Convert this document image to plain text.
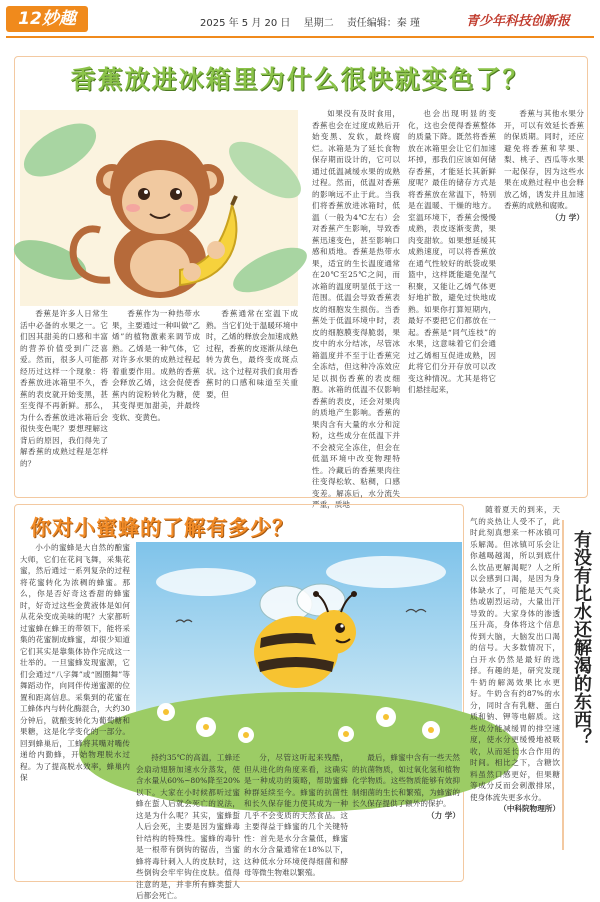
12妙趣	2025 年 5 月 20 日 星期二 责任编辑：秦 瑾	青少年科技创新报
香蕉放进冰箱里为什么很快就变色了？

香蕉是许多人日常生活中必备的水果之一。它们因其甜美的口感和丰富的营养价值受到广泛喜爱。然而，很多人可能都经历过这样一个现象：将香蕉放进冰箱里不久，香蕉的表皮就开始变黑，甚至变得不再新鲜。那么，为什么香蕉放进冰箱后会很快变色呢？要想理解这背后的原因，我们得先了解香蕉的成熟过程是怎样的？

香蕉作为一种热带水果，主要通过一种叫做“乙烯”的植物激素来调节成熟。乙烯是一种气体，它对许多水果的成熟过程起着重要作用。成熟的香蕉会释放乙烯，这会促使香蕉内的淀粉转化为糖，使其变得更加甜美，并最终变软、变黄色。

香蕉通常在室温下成熟。当它们处于温暖环境中时，乙烯的释放会加速成熟过程，香蕉的皮逐渐从绿色转为黄色，最终变成斑点状。这个过程对我们食用香蕉时的口感和味道至关重要，但

如果没有及时食用，香蕉也会在过度成熟后开始变黑、发软，最终腐烂。冰箱是为了延长食物保存期而设计的，它可以通过低温减缓水果的成熟过程。然而，低温对香蕉的影响远不止于此。当我们将香蕉放进冰箱时，低温（一般为4℃左右）会对香蕉产生影响，导致香蕉迅速变色，甚至影响口感和质地。香蕉是热带水果，适宜的生长温度通常在20℃至25℃之间，而冰箱的温度明显低于这一范围。低温会导致香蕉表皮的细胞发生损伤。当香蕉处于低温环境中时，表皮的细胞膜变得脆弱，果皮中的水分结冰，尽管冰箱温度并不至于让香蕉完全冻结，但这种冷冻效应足以损伤香蕉的表皮细胞。冰箱的低温不仅影响香蕉的表皮，还会对果肉的质地产生影响。香蕉的果肉含有大量的水分和淀粉，这些成分在低温下并不会被完全冻住，但会在低温环境中改变物理特性。冷藏后的香蕉果肉往往变得松软、粘稠，口感变差。解冻后，水分流失严重，质地

也会出现明显的变化，这也会使得香蕉整体的质量下降。既然将香蕉放在冰箱里会让它们加速坏掉，那我们应该如何储存香蕉，才能延长其新鲜度呢？最佳的储存方式是将香蕉放在常温下，特别是在温暖、干燥的地方。室温环境下，香蕉会慢慢成熟，表皮逐渐变黄，果肉变甜软。如果想延缓其成熟速度，可以将香蕉放在通气性较好的纸袋或果篮中，这样既能避免湿气积聚，又能让乙烯气体更好地扩散，避免过快地成熟。如果你打算短期内，最好不要把它们都放在一起。香蕉是“同气连枝”的水果，这意味着它们会通过乙烯相互促进成熟，因此将它们分开存放可以改变这种情况。尤其是将它们悬挂起来，

香蕉与其他水果分开，可以有效延长香蕉的保质期。同时，还应避免将香蕉和苹果、梨、桃子、西瓜等水果一起保存，因为这些水果在成熟过程中也会释放乙烯，诱发并且加速香蕉的成熟和腐败。

（力 学）

你对小蜜蜂的了解有多少？

小小的蜜蜂是大自然的酿蜜大师，它们在花间飞舞，采集花蜜，然后通过一系列复杂的过程将花蜜转化为浓稠的蜂蜜。那么，你是否好奇这香甜的蜂蜜时，好奇过这些金黄液体是如何从花朵变成美味的呢？大家都听过蜜蜂在蜂王的带领下，能将采集的花蜜制成蜂蜜，却很少知道它们其实是靠集体协作完成这一壮举的。一旦蜜蜂发现蜜源，它们会通过“八字舞”或“圆圈舞”等舞蹈动作，向同伴传递蜜源的位置和距离信息。采集到的花蜜在工蜂体内与转化酶混合，大约30分钟后，就酿变转化为葡萄糖和果糖，这是化学变化的一部分。回到蜂巢后，工蜂将其嘴对嘴传递给内勤蜂，开始物理脱水过程。为了提高脱水效率，蜂巢内保

持约35℃的高温，工蜂还会扇动翅膀加速水分蒸发，使含水量从60%~80%降至20%以下。大家在小时候都听过蜜蜂在蜇人后就会死亡的说法，这是为什么呢？其实，蜜蜂蜇人后会死，主要是因为蜜蜂毒针结构的特殊性。蜜蜂的毒针是一根带有倒钩的锯齿，当蜜蜂将毒针刺入人的皮肤时，这些倒钩会牢牢钩住皮肤。值得注意的是，并非所有蜂类蜇人后都会死亡。

分，尽管这听起来残酷，但从进化的角度来看，这确实是一种成功的策略，帮助蜜蜂种群延续至今。蜂蜜的抗菌性和长久保存能力使其成为一种几乎不会变质的天然食品。这主要得益于蜂蜜的几个关键特性：首先是水分含量低，蜂蜜的水分含量通常在18%以下，这种低水分环境使得细菌和酵母等微生物难以繁殖。

最后，蜂蜜中含有一些天然的抗菌物质，如过氧化氢和植物化学物质。这些物质能够有效抑制细菌的生长和繁殖，为蜂蜜的长久保存提供了额外的保护。

（力 学）

随着夏天的到来，天气的炎热让人受不了，此时此刻真想来一杯冰镇可乐解渴。但冰镇可乐会让你越喝越渴，所以到底什么饮品更解渴呢？人之所以会感到口渴，是因为身体缺水了，可能是天气炎热或剧烈运动，大量出汗导致的。大家身体的渗透压升高，身体将这个信息传到大脑，大脑发出口渴的信号。大多数情况下，白开水仍然是最好的选择。有趣的是，研究发现牛奶的解渴效果比水更好。牛奶含有约87%的水分，同时含有乳糖、蛋白质和钠、钾等电解质。这些成分能减缓胃的排空速度，使水分更缓慢地被吸收，从而延长水合作用的时间。相比之下，含糖饮料虽然口感更好，但果糖等成分反而会刺激排尿，使身体流失更多水分。

（中科院物理所）

有没有比水还解渴的东西？
